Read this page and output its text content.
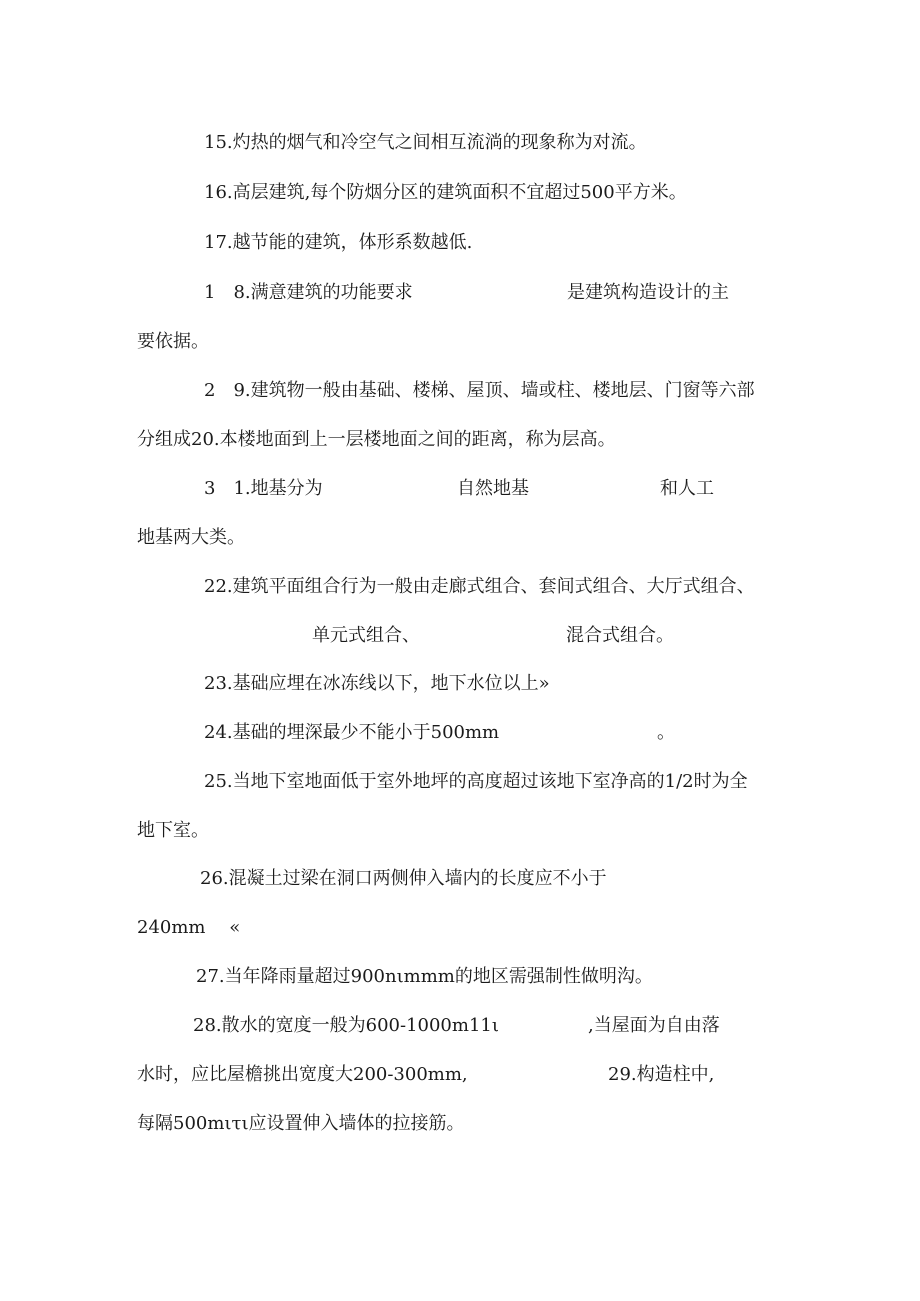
15.灼热的烟气和冷空气之间相互流淌的现象称为对流。
16.高层建筑,每个防烟分区的建筑面积不宜超过500平方米。
17.越节能的建筑，体形系数越低.
1　8.满意建筑的功能要求	是建筑构造设计的主
要依据。
2　9.建筑物一般由基础、楼梯、屋顶、墙或柱、楼地层、门窗等六部
分组成20.本楼地面到上一层楼地面之间的距离，称为层高。
3　1.地基分为	自然地基	和人工
地基两大类。
22.建筑平面组合行为一般由走廊式组合、套间式组合、大厅式组合、
单元式组合、	混合式组合。
23.基础应埋在冰冻线以下，地下水位以上»
24.基础的埋深最少不能小于500mm	。
25.当地下室地面低于室外地坪的高度超过该地下室净高的1/2时为全
地下室。
26.混凝土过梁在洞口两侧伸入墙内的长度应不小于
240mm　 «
27.当年降雨量超过900nιmmm的地区需强制性做明沟。
28.散水的宽度一般为600-1000m11ι	,当屋面为自由落
水时，应比屋檐挑出宽度大200-300mm,	29.构造柱中,
每隔500mιτι应设置伸入墙体的拉接筋。
